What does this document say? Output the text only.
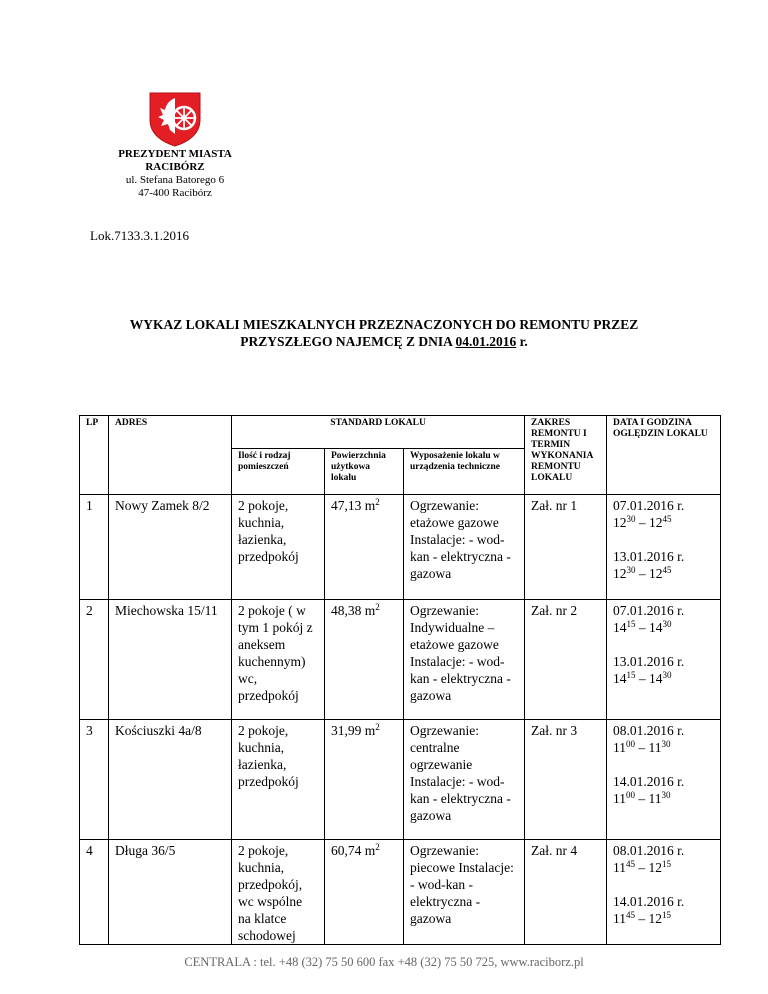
PREZYDENT MIASTA
RACIBÓRZ
ul. Stefana Batorego 6
47-400 Racibórz
Lok.7133.3.1.2016
WYKAZ LOKALI MIESZKALNYCH PRZEZNACZONYCH DO REMONTU PRZEZ
PRZYSZŁEGO NAJEMCĘ Z DNIA 04.01.2016 r.
LP	ADRES	STANDARD LOKALU			ZAKRES REMONTU I TERMIN WYKONANIA REMONTU LOKALU	DATA I GODZINA OGLĘDZIN LOKALU
		Ilość i rodzaj pomieszczeń	Powierzchnia użytkowa lokalu	Wyposażenie lokalu w urządzenia techniczne		
1	Nowy Zamek 8/2	2 pokoje, kuchnia, łazienka, przedpokój	47,13 $m^2$	Ogrzewanie: etażowe gazowe Instalacje: - wod-kan - elektryczna - gazowa	Zał. nr 1	07.01.2016 r.
$12^{30} - 12^{45}$
13.01.2016 r.
$12^{30} - 12^{45}$

2	Miechowska 15/11	2 pokoje ( w tym 1 pokój z aneksem kuchennym) wc, przedpokój	48,38 $m^2$	Ogrzewanie: Indywidualne – etażowe gazowe Instalacje: - wod-kan - elektryczna - gazowa	Zał. nr 2	07.01.2016 r.
$14^{15} - 14^{30}$
13.01.2016 r.
$14^{15} - 14^{30}$

3	Kościuszki 4a/8	2 pokoje, kuchnia, łazienka, przedpokój	31,99 $m^2$	Ogrzewanie: centralne ogrzewanie Instalacje: - wod-kan - elektryczna - gazowa	Zał. nr 3	08.01.2016 r.
$11^{00} - 11^{30}$
14.01.2016 r.
$11^{00} - 11^{30}$

4	Długa 36/5	2 pokoje, kuchnia, przedpokój, wc wspólne na klatce schodowej	60,74 $m^2$	Ogrzewanie: piecowe Instalacje: - wod-kan - elektryczna - gazowa	Zał. nr 4	08.01.2016 r.
$11^{45} - 12^{15}$
14.01.2016 r.
$11^{45} - 12^{15}$
CENTRALA : tel. +48 (32) 75 50 600 fax +48 (32) 75 50 725, www.raciborz.pl
